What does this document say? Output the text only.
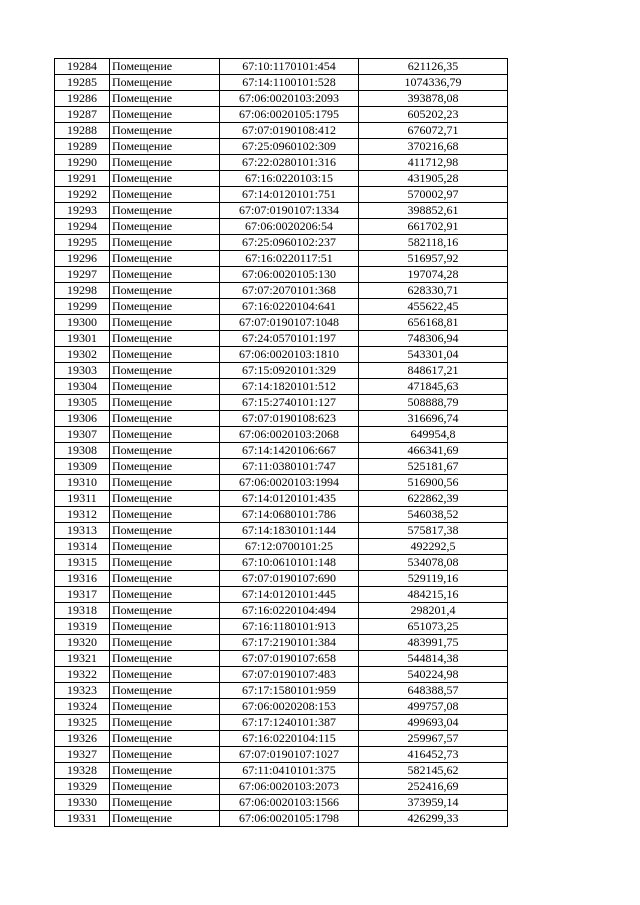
19284	Помещение	67:10:1170101:454	621126,35
19285	Помещение	67:14:1100101:528	1074336,79
19286	Помещение	67:06:0020103:2093	393878,08
19287	Помещение	67:06:0020105:1795	605202,23
19288	Помещение	67:07:0190108:412	676072,71
19289	Помещение	67:25:0960102:309	370216,68
19290	Помещение	67:22:0280101:316	411712,98
19291	Помещение	67:16:0220103:15	431905,28
19292	Помещение	67:14:0120101:751	570002,97
19293	Помещение	67:07:0190107:1334	398852,61
19294	Помещение	67:06:0020206:54	661702,91
19295	Помещение	67:25:0960102:237	582118,16
19296	Помещение	67:16:0220117:51	516957,92
19297	Помещение	67:06:0020105:130	197074,28
19298	Помещение	67:07:2070101:368	628330,71
19299	Помещение	67:16:0220104:641	455622,45
19300	Помещение	67:07:0190107:1048	656168,81
19301	Помещение	67:24:0570101:197	748306,94
19302	Помещение	67:06:0020103:1810	543301,04
19303	Помещение	67:15:0920101:329	848617,21
19304	Помещение	67:14:1820101:512	471845,63
19305	Помещение	67:15:2740101:127	508888,79
19306	Помещение	67:07:0190108:623	316696,74
19307	Помещение	67:06:0020103:2068	649954,8
19308	Помещение	67:14:1420106:667	466341,69
19309	Помещение	67:11:0380101:747	525181,67
19310	Помещение	67:06:0020103:1994	516900,56
19311	Помещение	67:14:0120101:435	622862,39
19312	Помещение	67:14:0680101:786	546038,52
19313	Помещение	67:14:1830101:144	575817,38
19314	Помещение	67:12:0700101:25	492292,5
19315	Помещение	67:10:0610101:148	534078,08
19316	Помещение	67:07:0190107:690	529119,16
19317	Помещение	67:14:0120101:445	484215,16
19318	Помещение	67:16:0220104:494	298201,4
19319	Помещение	67:16:1180101:913	651073,25
19320	Помещение	67:17:2190101:384	483991,75
19321	Помещение	67:07:0190107:658	544814,38
19322	Помещение	67:07:0190107:483	540224,98
19323	Помещение	67:17:1580101:959	648388,57
19324	Помещение	67:06:0020208:153	499757,08
19325	Помещение	67:17:1240101:387	499693,04
19326	Помещение	67:16:0220104:115	259967,57
19327	Помещение	67:07:0190107:1027	416452,73
19328	Помещение	67:11:0410101:375	582145,62
19329	Помещение	67:06:0020103:2073	252416,69
19330	Помещение	67:06:0020103:1566	373959,14
19331	Помещение	67:06:0020105:1798	426299,33
